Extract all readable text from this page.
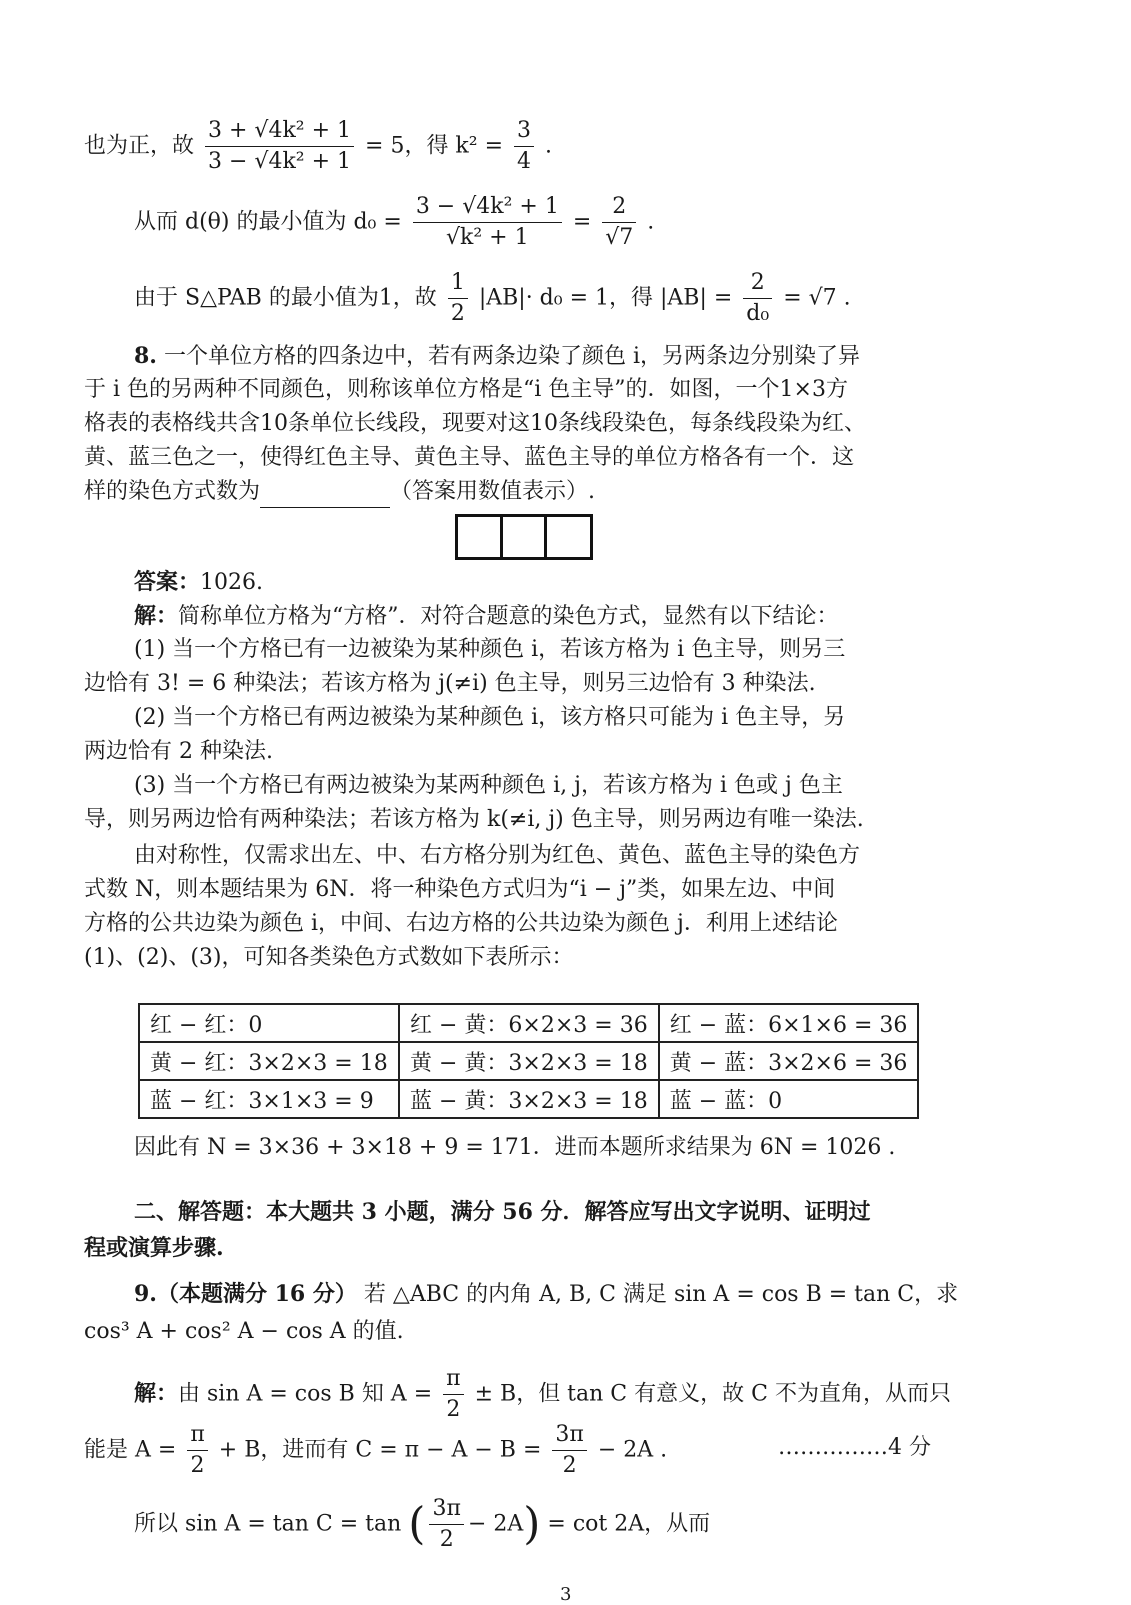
也为正，故 $\frac{\text{3 + √4k² + 1}}{\text{3 − √4k² + 1}} = 5$，得 $k^2 = \frac{3}{4}$ .
从而 d(θ) 的最小值为 $d_0 = \frac{\text{3 − √4k² + 1}}{\text{√k² + 1}} = \frac{2}{√7}$ .
由于 S△PAB 的最小值为1，故 $\frac{1}{2} |AB|\cdot d_0 = 1$，得 $|AB| = \frac{2}{\text{d₀}} = √7$ .
8. 一个单位方格的四条边中，若有两条边染了颜色 i，另两条边分别染了异
于 i 色的另两种不同颜色，则称该单位方格是“i 色主导”的．如图，一个1×3方
格表的表格线共含10条单位长线段，现要对这10条线段染色，每条线段染为红、
黄、蓝三色之一，使得红色主导、黄色主导、蓝色主导的单位方格各有一个．这
样的染色方式数为	（答案用数值表示）.
答案：1026.
解：简称单位方格为“方格”．对符合题意的染色方式，显然有以下结论：
(1) 当一个方格已有一边被染为某种颜色 i，若该方格为 i 色主导，则另三
边恰有 3! = 6 种染法；若该方格为 j(≠i) 色主导，则另三边恰有 3 种染法.
(2) 当一个方格已有两边被染为某种颜色 i，该方格只可能为 i 色主导，另
两边恰有 2 种染法.
(3) 当一个方格已有两边被染为某两种颜色 i, j，若该方格为 i 色或 j 色主
导，则另两边恰有两种染法；若该方格为 k(≠i, j) 色主导，则另两边有唯一染法.
由对称性，仅需求出左、中、右方格分别为红色、黄色、蓝色主导的染色方
式数 N，则本题结果为 6N．将一种染色方式归为“i − j”类，如果左边、中间
方格的公共边染为颜色 i，中间、右边方格的公共边染为颜色 j．利用上述结论
(1)、(2)、(3)，可知各类染色方式数如下表所示：
红 − 红：0	红 − 黄：6×2×3 = 36	红 − 蓝：6×1×6 = 36
黄 − 红：3×2×3 = 18	黄 − 黄：3×2×3 = 18	黄 − 蓝：3×2×6 = 36
蓝 − 红：3×1×3 = 9	蓝 − 黄：3×2×3 = 18	蓝 − 蓝：0
因此有 N = 3×36 + 3×18 + 9 = 171．进而本题所求结果为 6N = 1026 .
二、解答题：本大题共 3 小题，满分 56 分．解答应写出文字说明、证明过
程或演算步骤.
9.（本题满分 16 分） 若 △ABC 的内角 A, B, C 满足 sin A = cos B = tan C，求
cos³ A + cos² A − cos A 的值.
解：由 sin A = cos B 知 $A = \frac{\pi}{2} \pm B$，但 tan C 有意义，故 C 不为直角，从而只
能是 $A = \frac{\pi}{2} + B$，进而有 $C = \pi - A - B = \frac{3\pi}{2} - 2A$ .	……………4 分
所以 sin A = tan C = tan ( $\frac{3\pi}{2} - 2A) = \cot 2A$，从而
3
